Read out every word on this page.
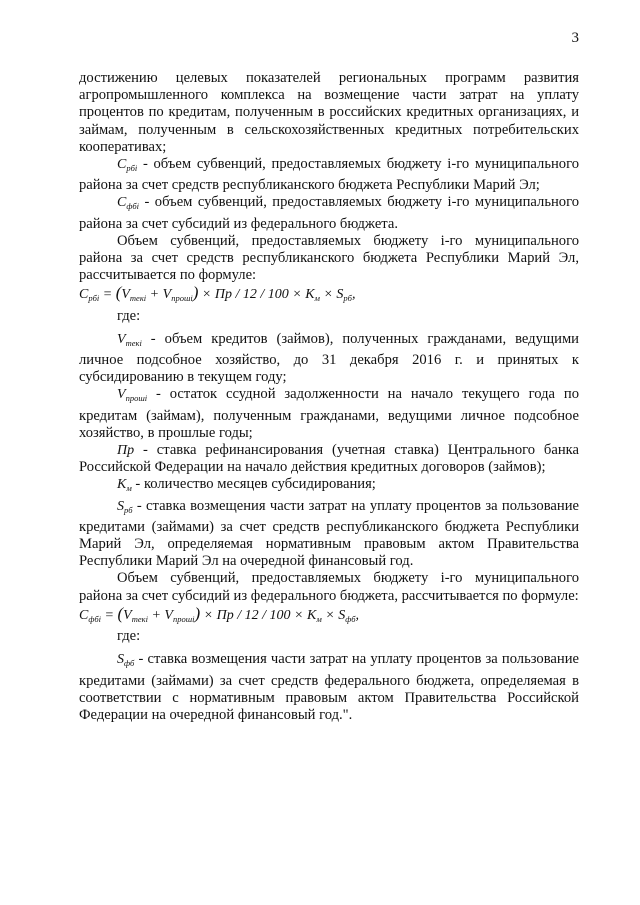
3

достижению целевых показателей региональных программ развития агропромышленного комплекса на возмещение части затрат на уплату процентов по кредитам, полученным в российских кредитных организациях, и займам, полученным в сельскохозяйственных кредитных потребительских кооперативах;

$C_{рбi}$ - объем субвенций, предоставляемых бюджету i-го муниципального района за счет средств республиканского бюджета Республики Марий Эл;

$C_{фбi}$ - объем субвенций, предоставляемых бюджету i-го муниципального района за счет субсидий из федерального бюджета.

Объем субвенций, предоставляемых бюджету i-го муниципального района за счет средств республиканского бюджета Республики Марий Эл, рассчитывается по формуле:

$C_{рбi} = (V_{текi} + V_{прошi})$ × Пр / $12 / 100 \times K_м \times S_{рб}$,

где:

$V_{текi}$ - объем кредитов (займов), полученных гражданами, ведущими личное подсобное хозяйство, до 31 декабря 2016 г. и принятых к субсидированию в текущем году;

$V_{прошi}$ - остаток ссудной задолженности на начало текущего года по кредитам (займам), полученным гражданами, ведущими личное подсобное хозяйство, в прошлые годы;

Пр - ставка рефинансирования (учетная ставка) Центрального банка Российской Федерации на начало действия кредитных договоров (займов);

$K_м$ - количество месяцев субсидирования;

$S_{рб}$ - ставка возмещения части затрат на уплату процентов за пользование кредитами (займами) за счет средств республиканского бюджета Республики Марий Эл, определяемая нормативным правовым актом Правительства Республики Марий Эл на очередной финансовый год.

Объем субвенций, предоставляемых бюджету i-го муниципального района за счет субсидий из федерального бюджета, рассчитывается по формуле:

$C_{фбi} = (V_{текi} + V_{прошi})$ × Пр / $12 / 100 \times K_м \times S_{фб}$,

где:

$S_{фб}$ - ставка возмещения части затрат на уплату процентов за пользование кредитами (займами) за счет средств федерального бюджета, определяемая в соответствии с нормативным правовым актом Правительства Российской Федерации на очередной финансовый год.".
